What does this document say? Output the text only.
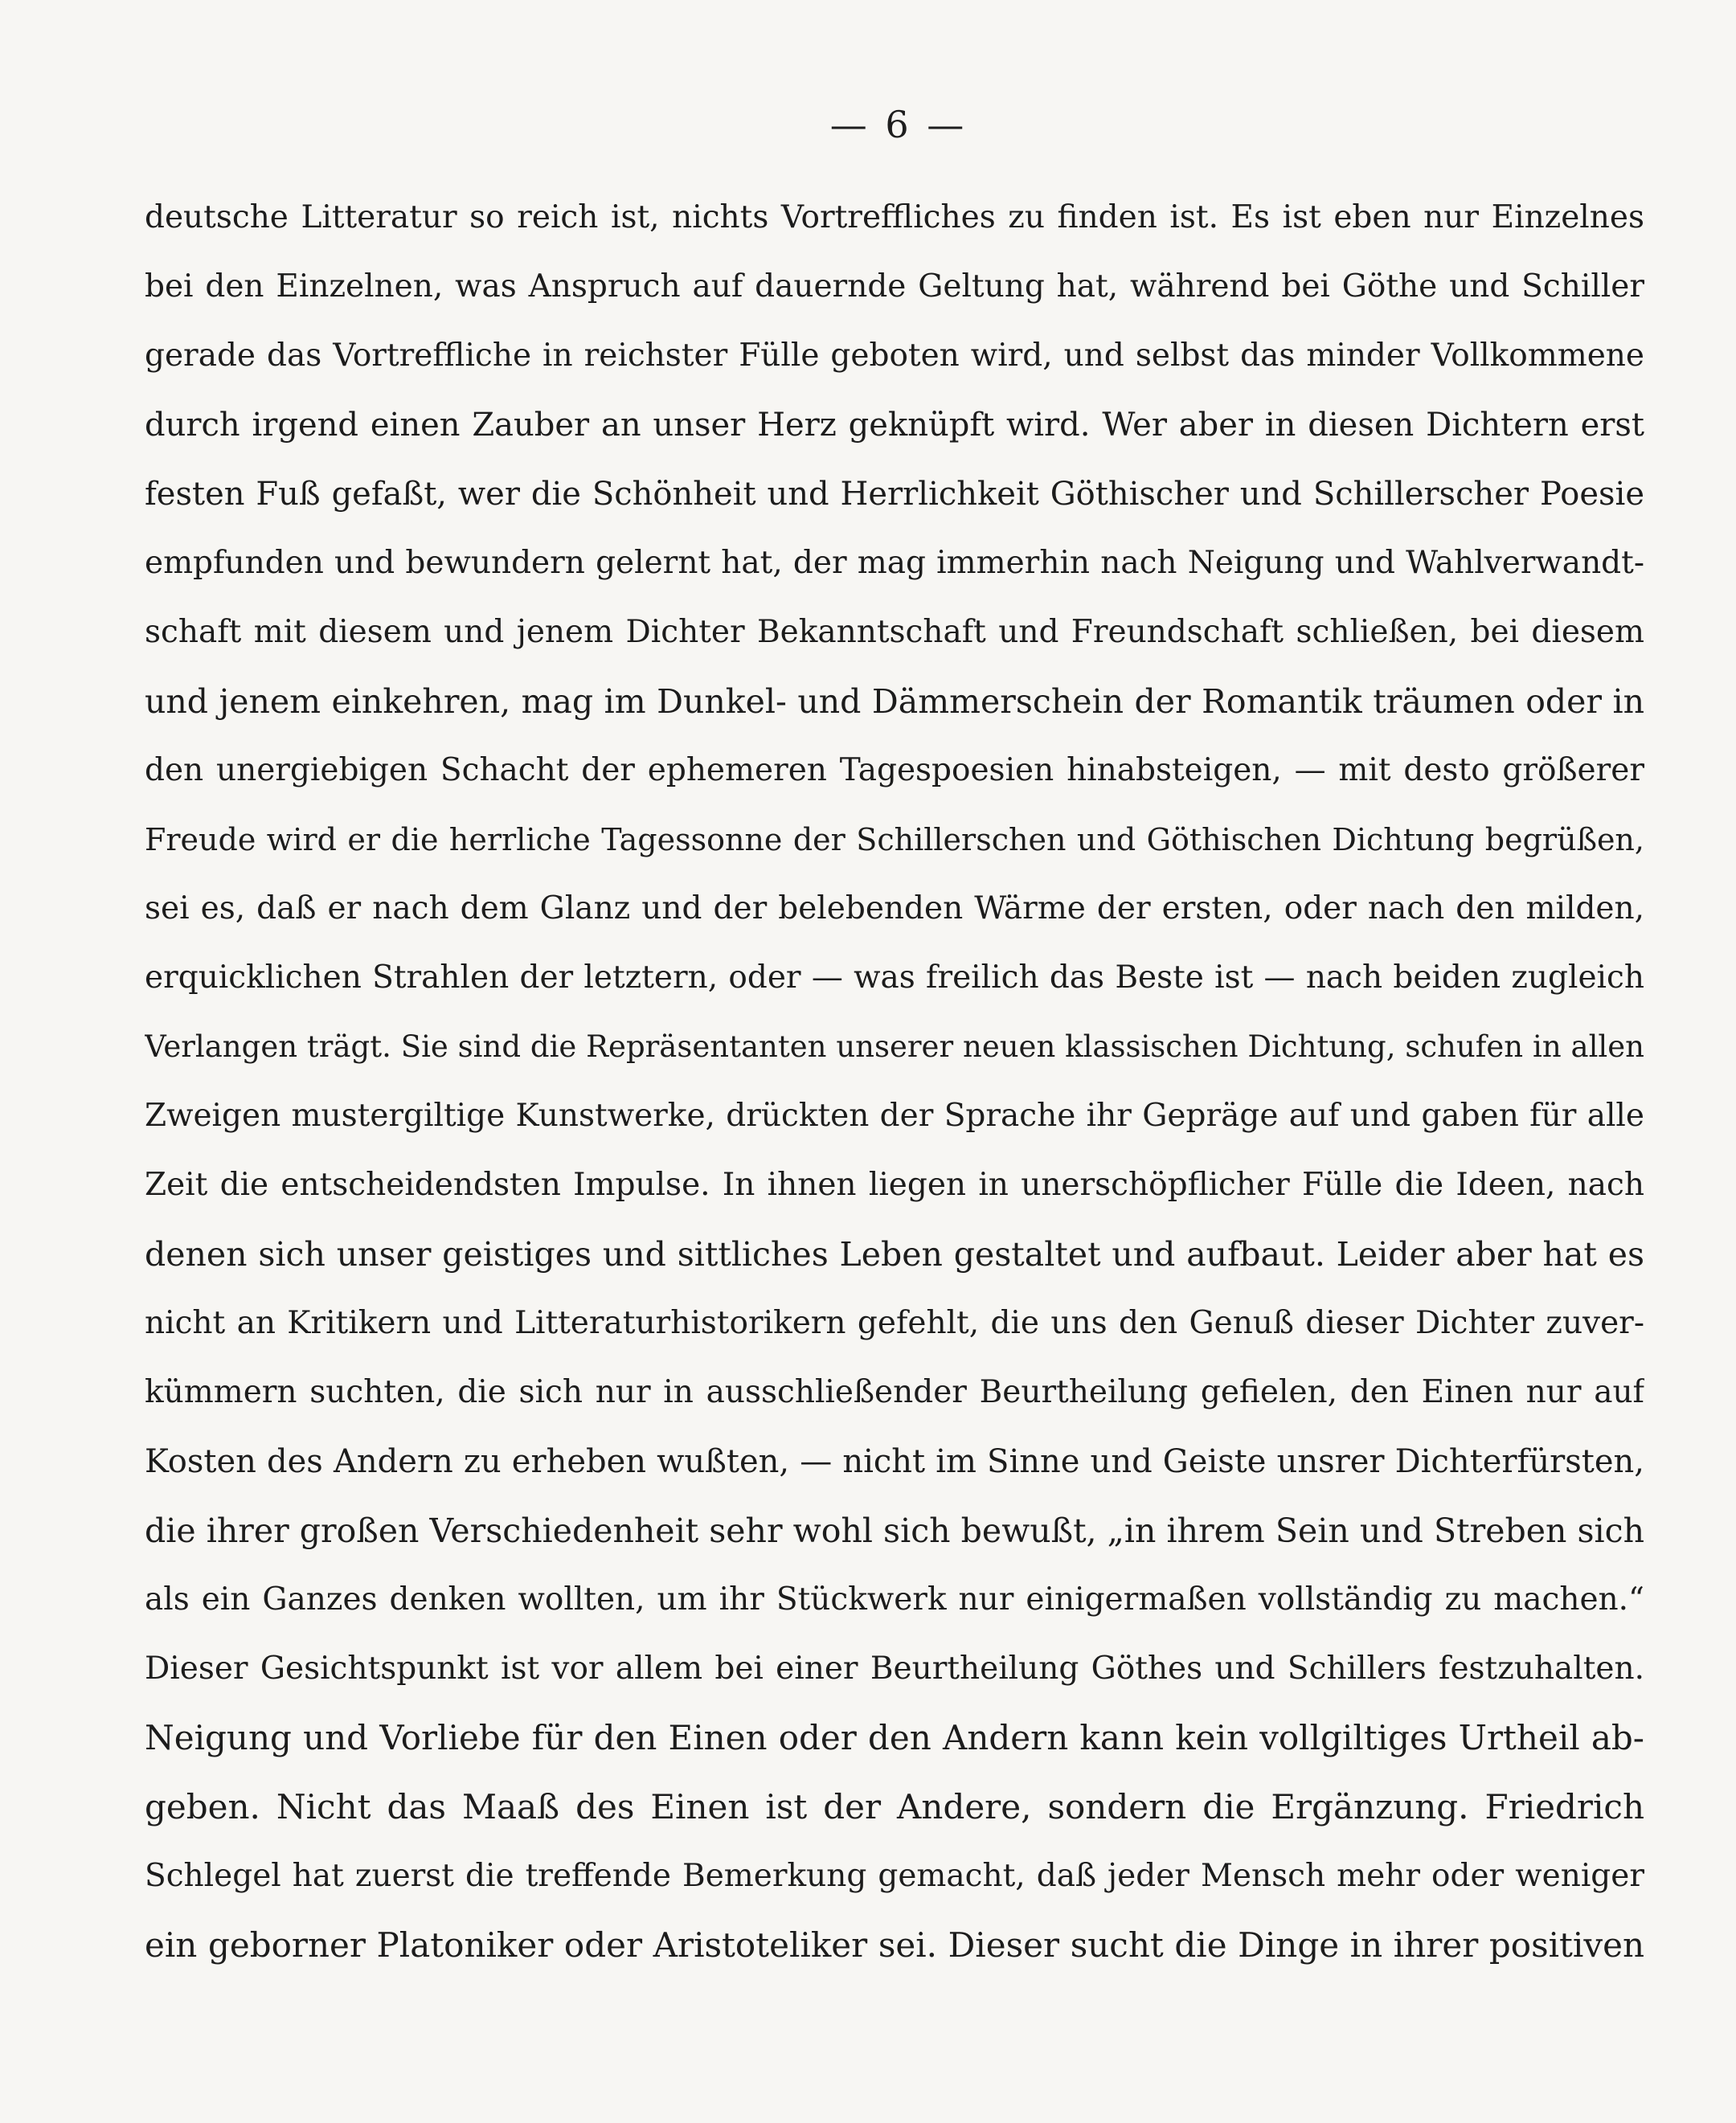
— 6 —
deutsche Litteratur so reich ist, nichts Vortreffliches zu finden ist. Es ist eben nur Einzelnes
bei den Einzelnen, was Anspruch auf dauernde Geltung hat, während bei Göthe und Schiller
gerade das Vortreffliche in reichster Fülle geboten wird, und selbst das minder Vollkommene
durch irgend einen Zauber an unser Herz geknüpft wird. Wer aber in diesen Dichtern erst
festen Fuß gefaßt, wer die Schönheit und Herrlichkeit Göthischer und Schillerscher Poesie
empfunden und bewundern gelernt hat, der mag immerhin nach Neigung und Wahlverwandt-
schaft mit diesem und jenem Dichter Bekanntschaft und Freundschaft schließen, bei diesem
und jenem einkehren, mag im Dunkel- und Dämmerschein der Romantik träumen oder in
den unergiebigen Schacht der ephemeren Tagespoesien hinabsteigen, — mit desto größerer
Freude wird er die herrliche Tagessonne der Schillerschen und Göthischen Dichtung begrüßen,
sei es, daß er nach dem Glanz und der belebenden Wärme der ersten, oder nach den milden,
erquicklichen Strahlen der letztern, oder — was freilich das Beste ist — nach beiden zugleich
Verlangen trägt. Sie sind die Repräsentanten unserer neuen klassischen Dichtung, schufen in allen
Zweigen mustergiltige Kunstwerke, drückten der Sprache ihr Gepräge auf und gaben für alle
Zeit die entscheidendsten Impulse. In ihnen liegen in unerschöpflicher Fülle die Ideen, nach
denen sich unser geistiges und sittliches Leben gestaltet und aufbaut. Leider aber hat es
nicht an Kritikern und Litteraturhistorikern gefehlt, die uns den Genuß dieser Dichter zuver-
kümmern suchten, die sich nur in ausschließender Beurtheilung gefielen, den Einen nur auf
Kosten des Andern zu erheben wußten, — nicht im Sinne und Geiste unsrer Dichterfürsten,
die ihrer großen Verschiedenheit sehr wohl sich bewußt, „in ihrem Sein und Streben sich
als ein Ganzes denken wollten, um ihr Stückwerk nur einigermaßen vollständig zu machen.“
Dieser Gesichtspunkt ist vor allem bei einer Beurtheilung Göthes und Schillers festzuhalten.
Neigung und Vorliebe für den Einen oder den Andern kann kein vollgiltiges Urtheil ab-
geben. Nicht das Maaß des Einen ist der Andere, sondern die Ergänzung. Friedrich
Schlegel hat zuerst die treffende Bemerkung gemacht, daß jeder Mensch mehr oder weniger
ein geborner Platoniker oder Aristoteliker sei. Dieser sucht die Dinge in ihrer positiven
